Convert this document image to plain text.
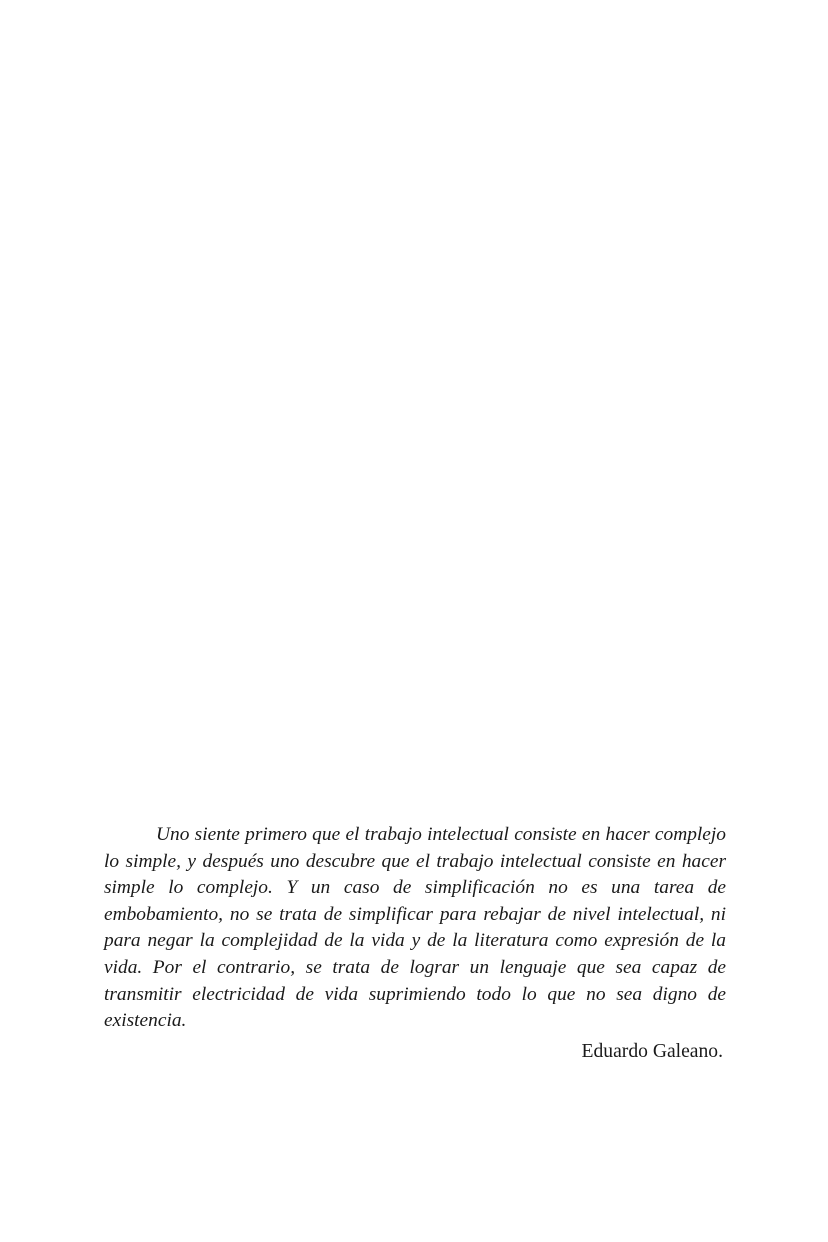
Uno siente primero que el trabajo intelectual consiste en hacer complejo lo simple, y después uno descubre que el trabajo intelectual consiste en hacer simple lo complejo. Y un caso de simplificación no es una tarea de embobamiento, no se trata de simplificar para rebajar de nivel intelectual, ni para negar la complejidad de la vida y de la literatura como expresión de la vida. Por el contrario, se trata de lograr un lenguaje que sea capaz de transmitir electricidad de vida suprimiendo todo lo que no sea digno de existencia.

Eduardo Galeano.
